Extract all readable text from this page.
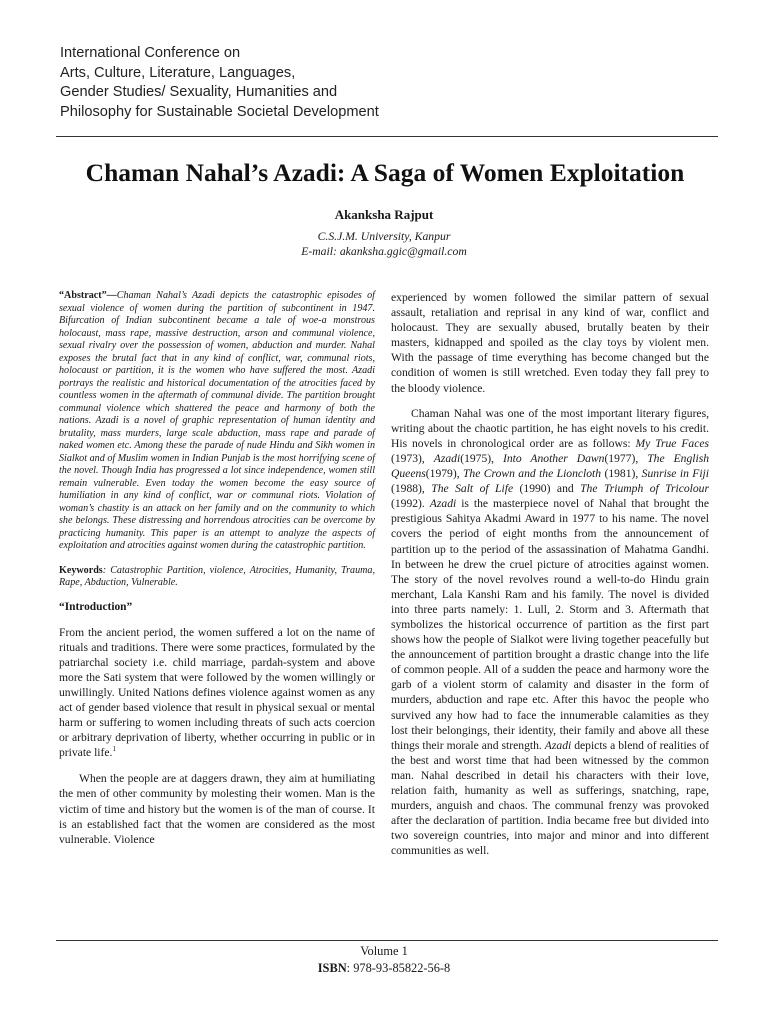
International Conference on
Arts, Culture, Literature, Languages,
Gender Studies/ Sexuality, Humanities and
Philosophy for Sustainable Societal Development
Chaman Nahal’s Azadi: A Saga of Women Exploitation
Akanksha Rajput
C.S.J.M. University, Kanpur
E-mail: akanksha.ggic@gmail.com

“Abstract”—Chaman Nahal’s Azadi depicts the catastrophic episodes of sexual violence of women during the partition of subcontinent in 1947. Bifurcation of Indian subcontinent became a tale of woe-a monstrous holocaust, mass rape, massive destruction, arson and communal violence, sexual rivalry over the possession of women, abduction and murder. Nahal exposes the brutal fact that in any kind of conflict, war, communal riots, holocaust or partition, it is the women who have suffered the most. Azadi portrays the realistic and historical documentation of the atrocities faced by countless women in the aftermath of communal divide. The partition brought communal violence which shattered the peace and harmony of both the nations. Azadi is a novel of graphic representation of human identity and brutality, mass murders, large scale abduction, mass rape and parade of naked women etc. Among these the parade of nude Hindu and Sikh women in Sialkot and of Muslim women in Indian Punjab is the most horrifying scene of the novel. Though India has progressed a lot since independence, women still remain vulnerable. Even today the women become the easy source of humiliation in any kind of conflict, war or communal riots. Violation of woman’s chastity is an attack on her family and on the community to which she belongs. These distressing and horrendous atrocities can be overcome by practicing humanity. This paper is an attempt to analyze the aspects of exploitation and atrocities against women during the catastrophic partition.

Keywords: Catastrophic Partition, violence, Atrocities, Humanity, Trauma, Rape, Abduction, Vulnerable.

“Introduction”

From the ancient period, the women suffered a lot on the name of rituals and traditions. There were some practices, formulated by the patriarchal society i.e. child marriage, pardah-system and above more the Sati system that were followed by the women willingly or unwillingly. United Nations defines violence against women as any act of gender based violence that result in physical sexual or mental harm or suffering to women including threats of such acts coercion or arbitrary deprivation of liberty, whether occurring in public or in private life.$^1$

When the people are at daggers drawn, they aim at humiliating the men of other community by molesting their women. Man is the victim of time and history but the women is of the man of course. It is an established fact that the women are considered as the most vulnerable. Violence

experienced by women followed the similar pattern of sexual assault, retaliation and reprisal in any kind of war, conflict and holocaust. They are sexually abused, brutally beaten by their masters, kidnapped and spoiled as the clay toys by violent men. With the passage of time everything has become changed but the condition of women is still wretched. Even today they fall prey to the bloody violence.

Chaman Nahal was one of the most important literary figures, writing about the chaotic partition, he has eight novels to his credit. His novels in chronological order are as follows: My True Faces (1973), Azadi(1975), Into Another Dawn(1977), The English Queens(1979), The Crown and the Lioncloth (1981), Sunrise in Fiji (1988), The Salt of Life (1990) and The Triumph of Tricolour (1992). Azadi is the masterpiece novel of Nahal that brought the prestigious Sahitya Akadmi Award in 1977 to his name. The novel covers the period of eight months from the announcement of partition up to the period of the assassination of Mahatma Gandhi. In between he drew the cruel picture of atrocities against women. The story of the novel revolves round a well-to-do Hindu grain merchant, Lala Kanshi Ram and his family. The novel is divided into three parts namely: 1. Lull, 2. Storm and 3. Aftermath that symbolizes the historical occurrence of partition as the first part shows how the people of Sialkot were living together peacefully but the announcement of partition brought a drastic change into the life of common people. All of a sudden the peace and harmony wore the garb of a violent storm of calamity and disaster in the form of murders, abduction and rape etc. After this havoc the people who survived any how had to face the innumerable calamities as they lost their belongings, their identity, their family and above all these things their morale and strength. Azadi depicts a blend of realities of the best and worst time that had been witnessed by the common man. Nahal described in detail his characters with their love, relation faith, humanity as well as sufferings, snatching, rape, murders, anguish and chaos. The communal frenzy was provoked after the declaration of partition. India became free but divided into two sovereign countries, into major and minor and into different communities as well.

Volume 1
ISBN: 978-93-85822-56-8
